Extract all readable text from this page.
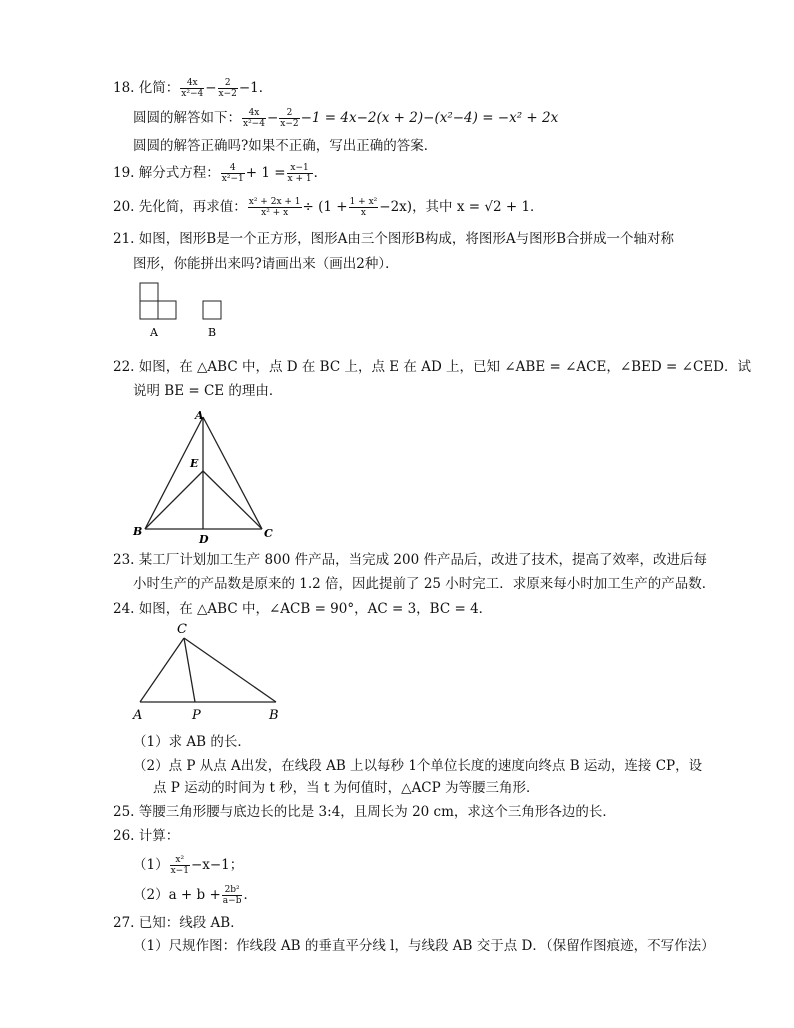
18. 化简： $\frac{4x}{\text{x²−4}} - \frac{2}{x-2} -1$．
圆圆的解答如下： $\frac{4x}{\text{x²−4}} - \frac{2}{x-2} -1 = 4x-2(x + 2)-(x^2-4) = -x^2 + 2x$
圆圆的解答正确吗?如果不正确，写出正确的答案．
19. 解分式方程： $\frac{4}{\text{x²−1}} + 1 = \frac{x-1}{x + 1}$ ．
20. 先化简，再求值： $\frac{\text{x² + 2x + 1}}{\text{x² + x}} \div (1 + \frac{\text{1 + x²}}{x} -2x)$，其中 x = √2 + 1．
21. 如图，图形B是一个正方形，图形A由三个图形B构成，将图形A与图形B合拼成一个轴对称
图形，你能拼出来吗?请画出来（画出2种）．
A	B
22. 如图，在 △ABC 中，点 D 在 BC 上，点 E 在 AD 上，已知 ∠ABE = ∠ACE，∠BED = ∠CED．试
说明 BE = CE 的理由．
A
E
B
D	C
23. 某工厂计划加工生产 800 件产品，当完成 200 件产品后，改进了技术，提高了效率，改进后每
小时生产的产品数是原来的 1.2 倍，因此提前了 25 小时完工．求原来每小时加工生产的产品数．
24. 如图，在 △ABC 中，∠ACB = 90°，AC = 3，BC = 4．
C
A	P	B
（1）求 AB 的长．
（2）点 P 从点 A出发，在线段 AB 上以每秒 1个单位长度的速度向终点 B 运动，连接 CP，设
点 P 运动的时间为 t 秒，当 t 为何值时，△ACP 为等腰三角形．
25. 等腰三角形腰与底边长的比是 3:4，且周长为 20 cm，求这个三角形各边的长．
26. 计算：
$(1) \frac{\text{x²}}{x-1} -x-1$；
$(2)a + b + \frac{\text{2b²}}{a-b}$ ．
27. 已知：线段 AB．
（1）尺规作图：作线段 AB 的垂直平分线 l，与线段 AB 交于点 D．（保留作图痕迹，不写作法）
